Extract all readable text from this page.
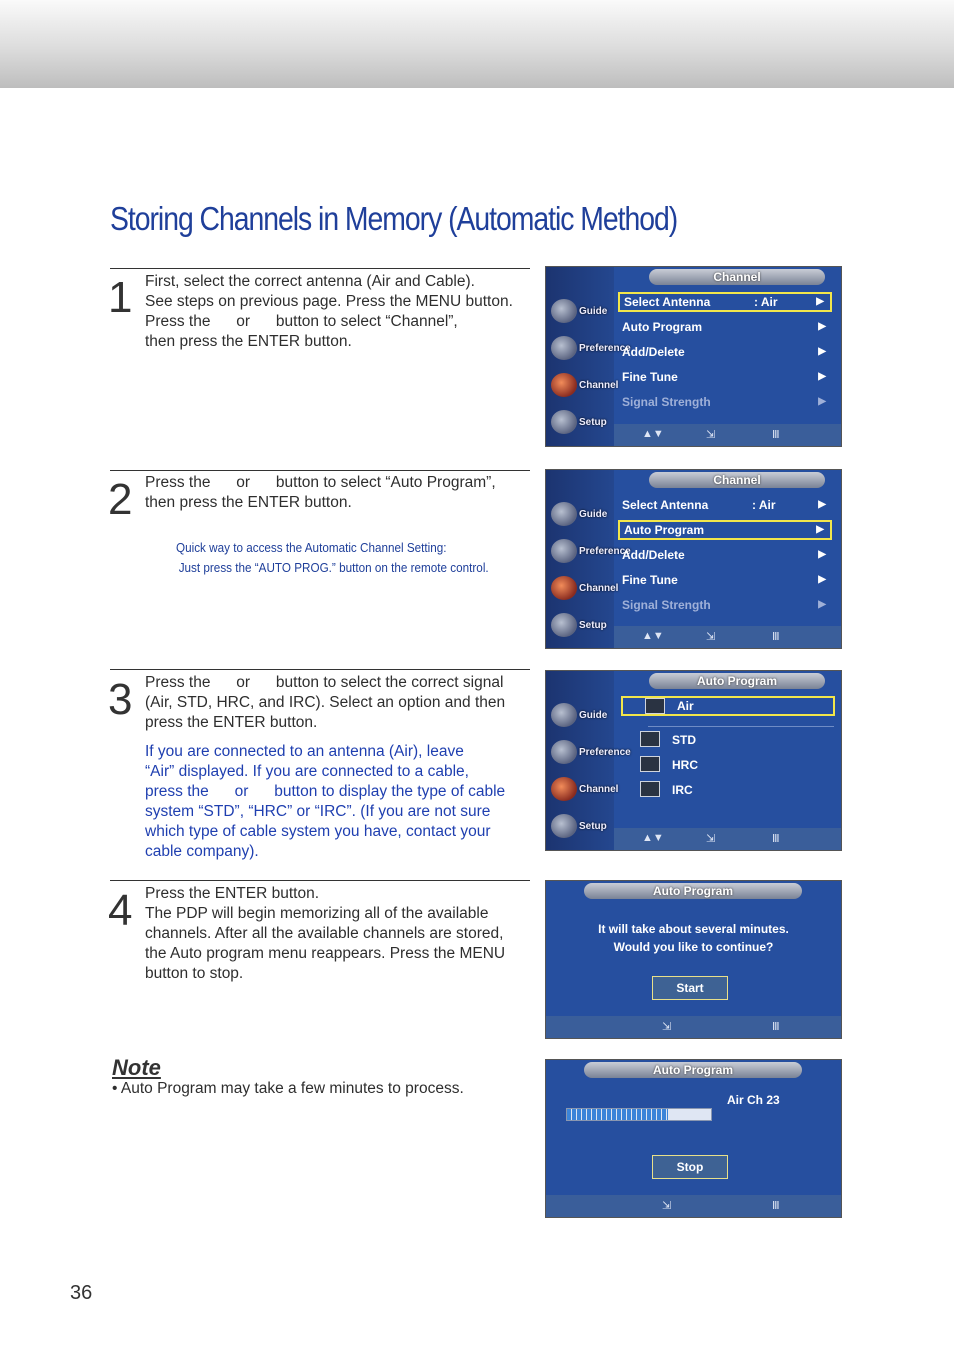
Storing Channels in Memory (Automatic Method)
1 First, select the correct antenna (Air and Cable).
See steps on previous page. Press the MENU button.
Press the      or      button to select “Channel”,
then press the ENTER button.
2 Press the      or      button to select “Auto Program”,
then press the ENTER button.
Quick way to access the Automatic Channel Setting:
Just press the “AUTO PROG.” button on the remote control.
3 Press the      or      button to select the correct signal
(Air, STD, HRC, and IRC). Select an option and then
press the ENTER button.
If you are connected to an antenna (Air), leave
“Air” displayed. If you are connected to a cable,
press the      or      button to display the type of cable
system “STD”, “HRC” or “IRC”. (If you are not sure
which type of cable system you have, contact your
cable company).
4 Press the ENTER button.
The PDP will begin memorizing all of the available
channels. After all the available channels are stored,
the Auto program menu reappears. Press the MENU
button to stop.
Note
• Auto Program may take a few minutes to process.
36
Guide
Preference
Channel
Setup
Channel
Select Antenna	: Air	▶
Auto Program	▶
Add/Delete	▶
Fine Tune	▶
Signal Strength	▶
▲▼	⇲	Ⅲ
Guide
Preference
Channel
Setup
Channel
Select Antenna	: Air	▶
Auto Program	▶
Add/Delete	▶
Fine Tune	▶
Signal Strength	▶
▲▼	⇲	Ⅲ
Guide
Preference
Channel
Setup
Auto Program
Air
STD
HRC
IRC
▲▼	⇲	Ⅲ
Auto Program
It will take about several minutes.
Would you like to continue?
Start
⇲	Ⅲ
Auto Program
Air Ch 23
Stop
⇲	Ⅲ
